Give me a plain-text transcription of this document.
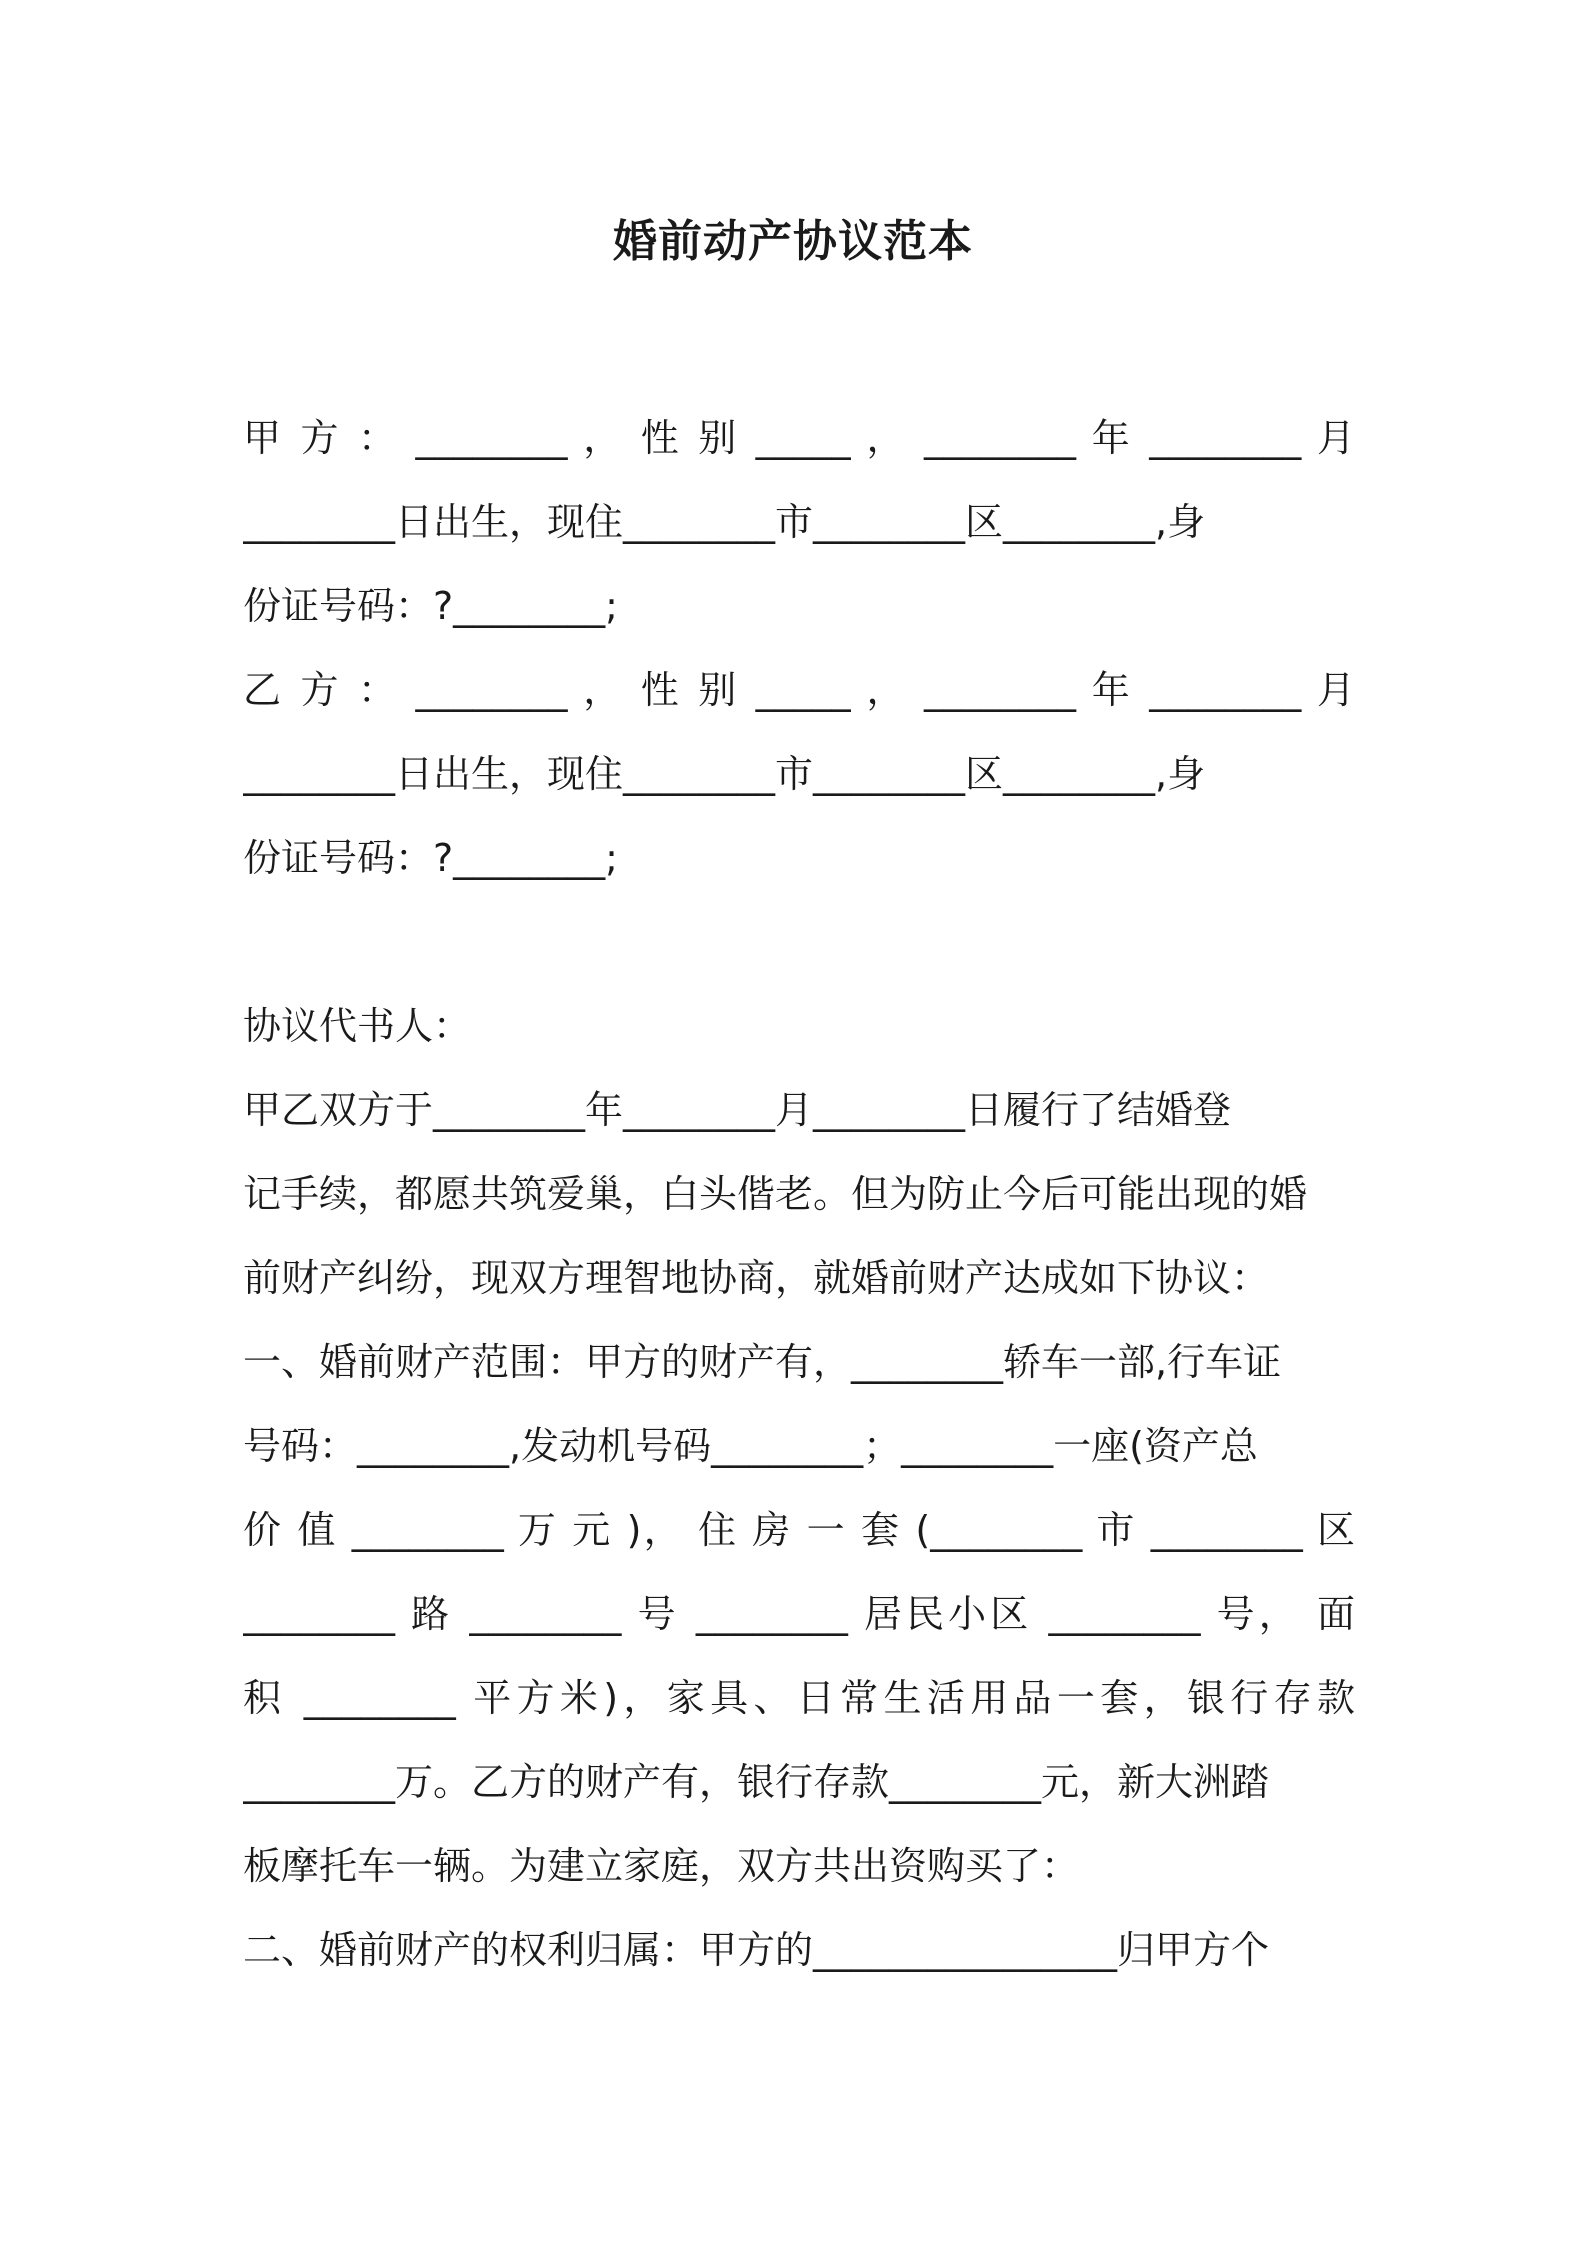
婚前动产协议范本
甲 方 ： ________ ， 性 别 _____ ， ________ 年 ________ 月
________日出生，现住________市________区________,身
份证号码：?________;
乙 方 ： ________ ， 性 别 _____ ， ________ 年 ________ 月
________日出生，现住________市________区________,身
份证号码：?________;
协议代书人：
甲乙双方于________年________月________日履行了结婚登
记手续，都愿共筑爱巢，白头偕老。但为防止今后可能出现的婚
前财产纠纷，现双方理智地协商，就婚前财产达成如下协议：
一、婚前财产范围：甲方的财产有，________轿车一部,行车证
号码：________,发动机号码________；________一座(资产总
价 值 ________ 万 元 )， 住 房 一 套 (________ 市 ________ 区
________ 路 ________ 号 ________ 居民小区 ________ 号， 面
积 ________ 平方米)，家具、日常生活用品一套，银行存款
________万。乙方的财产有，银行存款________元，新大洲踏
板摩托车一辆。为建立家庭，双方共出资购买了：
二、婚前财产的权利归属：甲方的________________归甲方个
